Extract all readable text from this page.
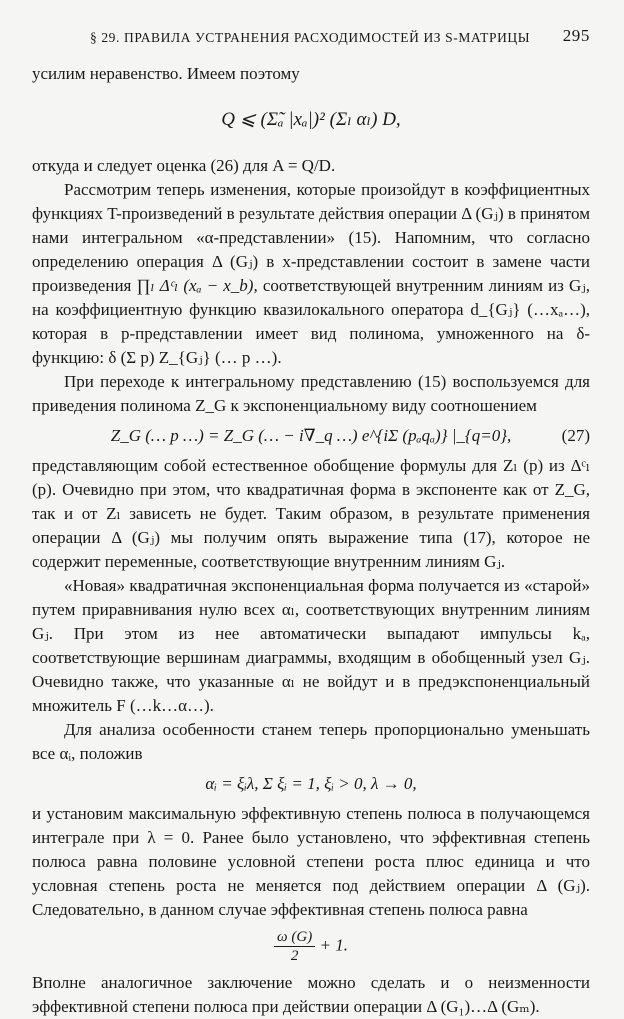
§ 29. ПРАВИЛА УСТРАНЕНИЯ РАСХОДИМОСТЕЙ ИЗ S-МАТРИЦЫ 295

усилим неравенство. Имеем поэтому

Q ⩽ (Σ̃ₐ |xₐ|)² (Σₗ αₗ) D,

откуда и следует оценка (26) для A = Q/D.

Рассмотрим теперь изменения, которые произойдут в коэффициентных функциях T-произведений в результате действия операции Δ (Gⱼ) в принятом нами интегральном «α-представлении» (15). Напомним, что согласно определению операция Δ (Gⱼ) в x-представлении состоит в замене части произведения ∏ₗ Δᶜₗ (xₐ − x_b), соответствующей внутренним линиям из Gⱼ, на коэффициентную функцию квазилокального оператора d_{Gⱼ} (…xₐ…), которая в p-представлении имеет вид полинома, умноженного на δ-функцию: δ (Σ p) Z_{Gⱼ} (… p …).

При переходе к интегральному представлению (15) воспользуемся для приведения полинома Z_G к экспоненциальному виду соотношением

Z_G (… p …) = Z_G (… − i∇_q …) e^{iΣ (pₐqₐ)} |_{q=0},	(27)

представляющим собой естественное обобщение формулы для Zₗ (p) из Δᶜₗ (p). Очевидно при этом, что квадратичная форма в экспоненте как от Z_G, так и от Zₗ зависеть не будет. Таким образом, в результате применения операции Δ (Gⱼ) мы получим опять выражение типа (17), которое не содержит переменные, соответствующие внутренним линиям Gⱼ.

«Новая» квадратичная экспоненциальная форма получается из «старой» путем приравнивания нулю всех αₗ, соответствующих внутренним линиям Gⱼ. При этом из нее автоматически выпадают импульсы kₐ, соответствующие вершинам диаграммы, входящим в обобщенный узел Gⱼ. Очевидно также, что указанные αₗ не войдут и в предэкспоненциальный множитель F (…k…α…).

Для анализа особенности станем теперь пропорционально уменьшать все αᵢ, положив

αᵢ = ξᵢλ, Σ ξᵢ = 1, ξᵢ > 0, λ → 0,

и установим максимальную эффективную степень полюса в получающемся интеграле при λ = 0. Ранее было установлено, что эффективная степень полюса равна половине условной степени роста плюс единица и что условная степень роста не меняется под действием операции Δ (Gⱼ). Следовательно, в данном случае эффективная степень полюса равна

$\frac{\omega (G)}{2} + 1$.

Вполне аналогичное заключение можно сделать и о неизменности эффективной степени полюса при действии операции Δ (G₁)…Δ (Gₘ).
